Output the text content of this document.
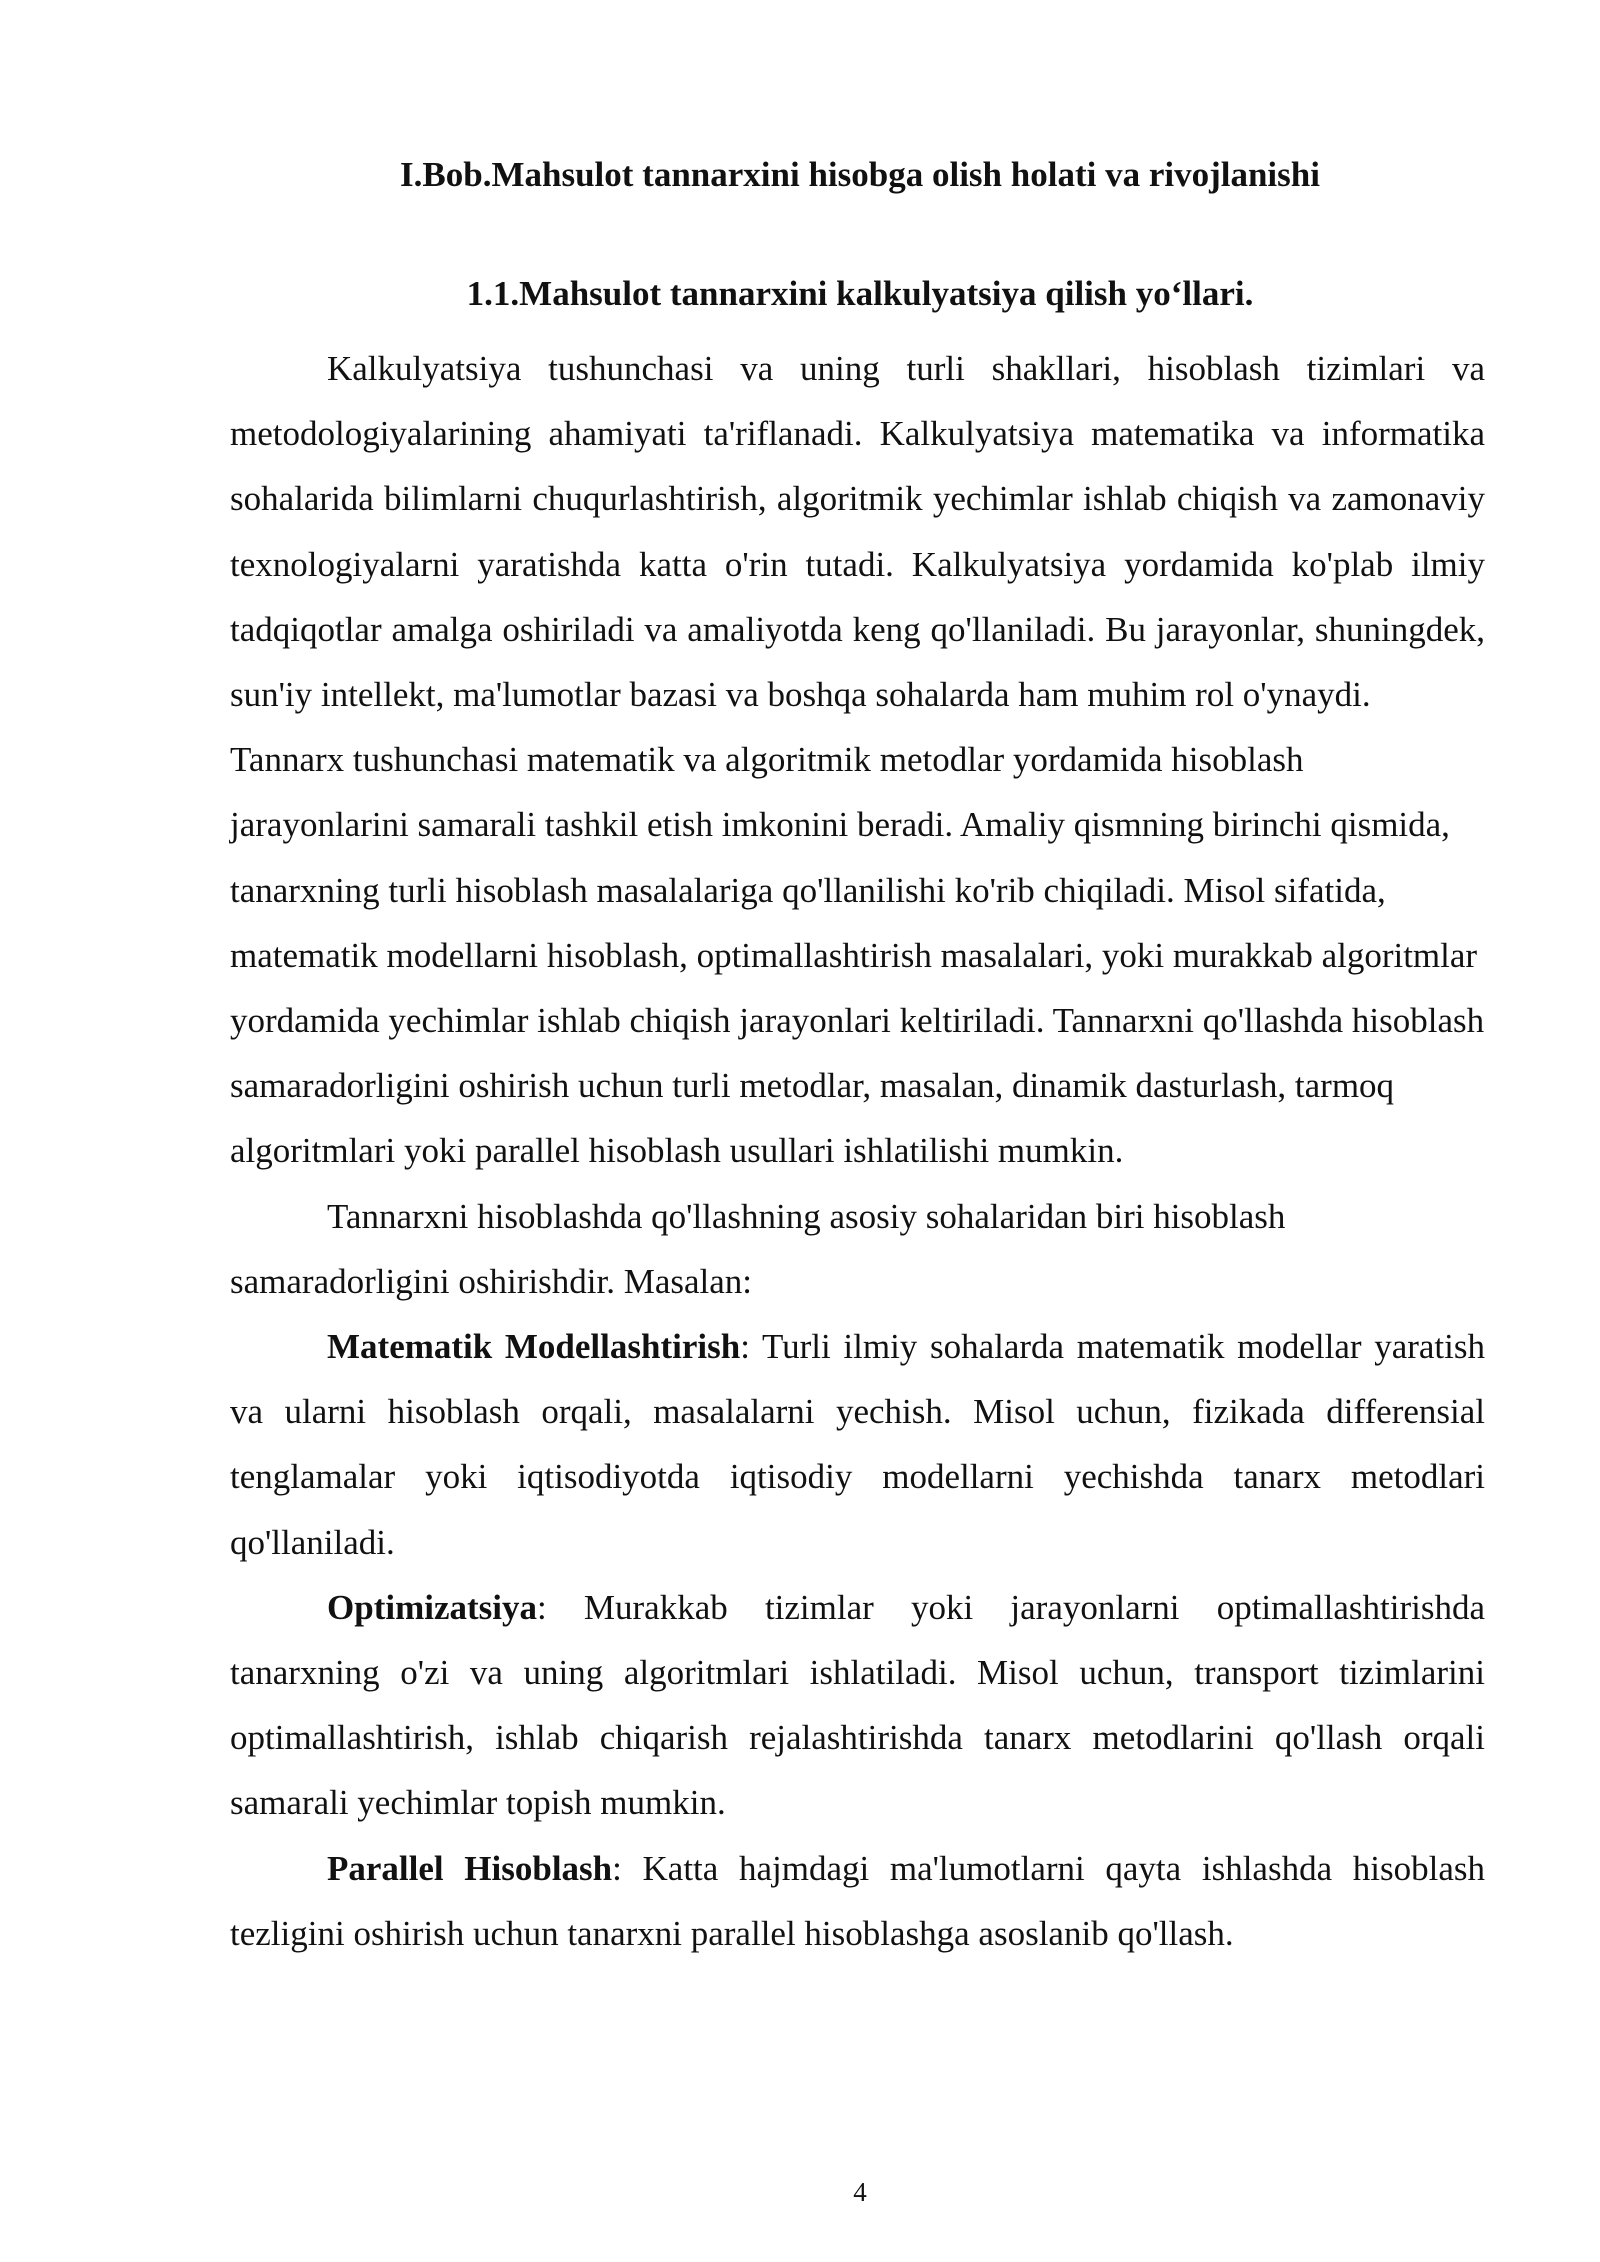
I.Bob.Mahsulot tannarxini hisobga olish holati va rivojlanishi
1.1.Mahsulot tannarxini kalkulyatsiya qilish yo‘llari.

Kalkulyatsiya tushunchasi va uning turli shakllari, hisoblash tizimlari va metodologiyalarining ahamiyati ta'riflanadi. Kalkulyatsiya matematika va informatika sohalarida bilimlarni chuqurlashtirish, algoritmik yechimlar ishlab chiqish va zamonaviy texnologiyalarni yaratishda katta o'rin tutadi. Kalkulyatsiya yordamida ko'plab ilmiy tadqiqotlar amalga oshiriladi va amaliyotda keng qo'llaniladi. Bu jarayonlar, shuningdek, sun'iy intellekt, ma'lumotlar bazasi va boshqa sohalarda ham muhim rol o'ynaydi.

Tannarx tushunchasi matematik va algoritmik metodlar yordamida hisoblash jarayonlarini samarali tashkil etish imkonini beradi. Amaliy qismning birinchi qismida, tanarxning turli hisoblash masalalariga qo'llanilishi ko'rib chiqiladi. Misol sifatida, matematik modellarni hisoblash, optimallashtirish masalalari, yoki murakkab algoritmlar yordamida yechimlar ishlab chiqish jarayonlari keltiriladi. Tannarxni qo'llashda hisoblash samaradorligini oshirish uchun turli metodlar, masalan, dinamik dasturlash, tarmoq algoritmlari yoki parallel hisoblash usullari ishlatilishi mumkin.

Tannarxni hisoblashda qo'llashning asosiy sohalaridan biri hisoblash samaradorligini oshirishdir. Masalan:

Matematik Modellashtirish: Turli ilmiy sohalarda matematik modellar yaratish va ularni hisoblash orqali, masalalarni yechish. Misol uchun, fizikada differensial tenglamalar yoki iqtisodiyotda iqtisodiy modellarni yechishda tanarx metodlari qo'llaniladi.

Optimizatsiya: Murakkab tizimlar yoki jarayonlarni optimallashtirishda tanarxning o'zi va uning algoritmlari ishlatiladi. Misol uchun, transport tizimlarini optimallashtirish, ishlab chiqarish rejalashtirishda tanarx metodlarini qo'llash orqali samarali yechimlar topish mumkin.

Parallel Hisoblash: Katta hajmdagi ma'lumotlarni qayta ishlashda hisoblash tezligini oshirish uchun tanarxni parallel hisoblashga asoslanib qo'llash.

4
